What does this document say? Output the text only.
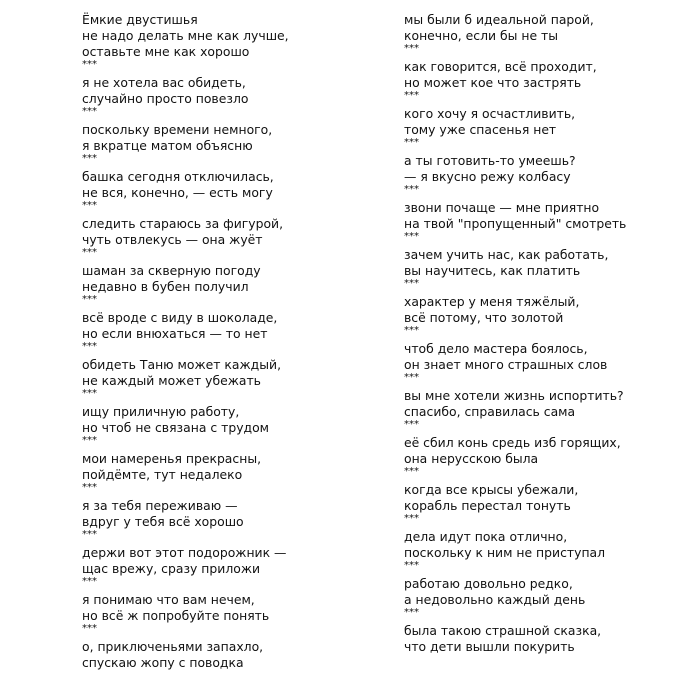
Ёмкие двустишья
не надо делать мне как лучше,
оставьте мне как хорошо
***
я не хотела вас обидеть,
случайно просто повезло
***
поскольку времени немного,
я вкратце матом объясню
***
башка сегодня отключилась,
не вся, конечно, — есть могу
***
следить стараюсь за фигурой,
чуть отвлекусь — она жуёт
***
шаман за скверную погоду
недавно в бубен получил
***
всё вроде с виду в шоколаде,
но если внюхаться — то нет
***
обидеть Таню может каждый,
не каждый может убежать
***
ищу приличную работу,
но чтоб не связана с трудом
***
мои намеренья прекрасны,
пойдёмте, тут недалеко
***
я за тебя переживаю —
вдруг у тебя всё хорошо
***
держи вот этот подорожник —
щас врежу, сразу приложи
***
я понимаю что вам нечем,
но всё ж попробуйте понять
***
о, приключеньями запахло,
спускаю жопу с поводка
мы были б идеальной парой,
конечно, если бы не ты
***
как говорится, всё проходит,
но может кое что застрять
***
кого хочу я осчастливить,
тому уже спасенья нет
***
а ты готовить-то умеешь?
— я вкусно режу колбасу
***
звони почаще — мне приятно
на твой "пропущенный" смотреть
***
зачем учить нас, как работать,
вы научитесь, как платить
***
характер у меня тяжёлый,
всё потому, что золотой
***
чтоб дело мастера боялось,
он знает много страшных слов
***
вы мне хотели жизнь испортить?
спасибо, справилась сама
***
её сбил конь средь изб горящих,
она нерусскою была
***
когда все крысы убежали,
корабль перестал тонуть
***
дела идут пока отлично,
поскольку к ним не приступал
***
работаю довольно редко,
а недовольно каждый день
***
была такою страшной сказка,
что дети вышли покурить
